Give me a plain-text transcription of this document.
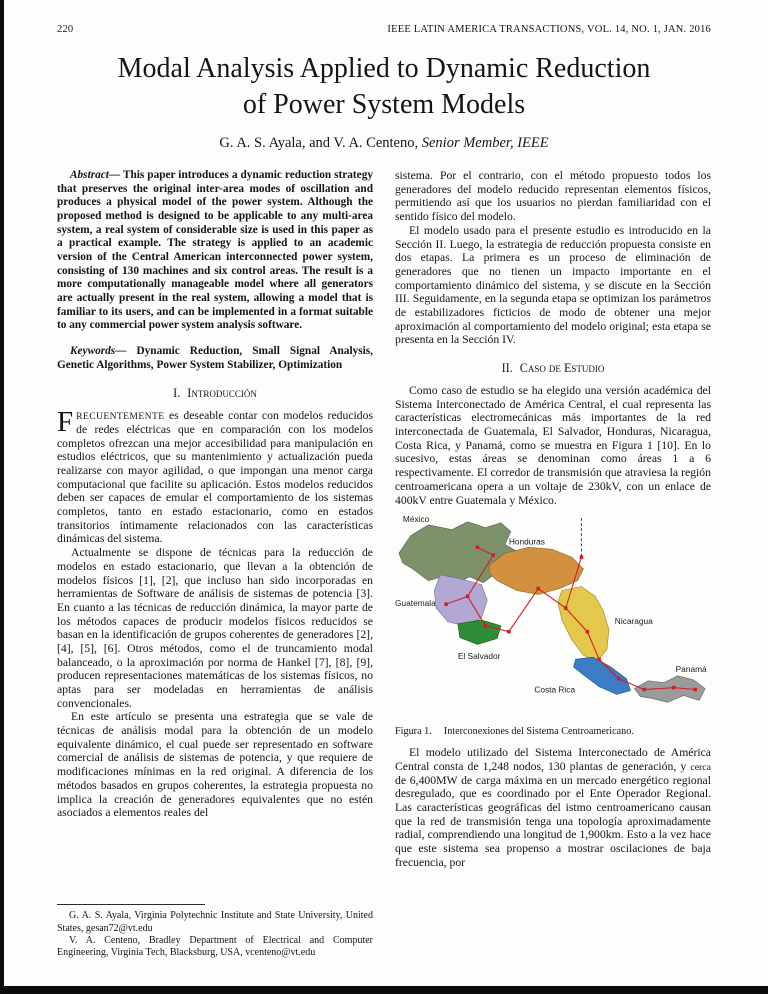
220	IEEE LATIN AMERICA TRANSACTIONS, VOL. 14, NO. 1, JAN. 2016
Modal Analysis Applied to Dynamic Reduction
of Power System Models
G. A. S. Ayala, and V. A. Centeno, Senior Member, IEEE

Abstract— This paper introduces a dynamic reduction strategy that preserves the original inter-area modes of oscillation and produces a physical model of the power system. Although the proposed method is designed to be applicable to any multi-area system, a real system of considerable size is used in this paper as a practical example. The strategy is applied to an academic version of the Central American interconnected power system, consisting of 130 machines and six control areas. The result is a more computationally manageable model where all generators are actually present in the real system, allowing a model that is familiar to its users, and can be implemented in a format suitable to any commercial power system analysis software.

Keywords— Dynamic Reduction, Small Signal Analysis, Genetic Algorithms, Power System Stabilizer, Optimization

I. Introducción

FRECUENTEMENTE es deseable contar con modelos reducidos de redes eléctricas que en comparación con los modelos completos ofrezcan una mejor accesibilidad para manipulación en estudios eléctricos, que su mantenimiento y actualización pueda realizarse con mayor agilidad, o que impongan una menor carga computacional que facilite su aplicación. Estos modelos reducidos deben ser capaces de emular el comportamiento de los sistemas completos, tanto en estado estacionario, como en estados transitorios íntimamente relacionados con las características dinámicas del sistema.

Actualmente se dispone de técnicas para la reducción de modelos en estado estacionario, que llevan a la obtención de modelos físicos [1], [2], que incluso han sido incorporadas en herramientas de Software de análisis de sistemas de potencia [3]. En cuanto a las técnicas de reducción dinámica, la mayor parte de los métodos capaces de producir modelos físicos reducidos se basan en la identificación de grupos coherentes de generadores [2], [4], [5], [6]. Otros métodos, como el de truncamiento modal balanceado, o la aproximación por norma de Hankel [7], [8], [9], producen representaciones matemáticas de los sistemas físicos, no aptas para ser modeladas en herramientas de análisis convencionales.

En este artículo se presenta una estrategia que se vale de técnicas de análisis modal para la obtención de un modelo equivalente dinámico, el cual puede ser representado en software comercial de análisis de sistemas de potencia, y que requiere de modificaciones mínimas en la red original. A diferencia de los métodos basados en grupos coherentes, la estrategia propuesta no implica la creación de generadores equivalentes que no estén asociados a elementos reales del

G. A. S. Ayala, Virginia Polytechnic Institute and State University, United States, gesan72@vt.edu

V. A. Centeno, Bradley Department of Electrical and Computer Engineering, Virginia Tech, Blacksburg, USA, vcenteno@vt.edu

sistema. Por el contrario, con el método propuesto todos los generadores del modelo reducido representan elementos físicos, permitiendo así que los usuarios no pierdan familiaridad con el sentido físico del modelo.

El modelo usado para el presente estudio es introducido en la Sección II. Luego, la estrategia de reducción propuesta consiste en dos etapas. La primera es un proceso de eliminación de generadores que no tienen un impacto importante en el comportamiento dinámico del sistema, y se discute en la Sección III. Seguidamente, en la segunda etapa se optimizan los parámetros de estabilizadores ficticios de modo de obtener una mejor aproximación al comportamiento del modelo original; esta etapa se presenta en la Sección IV.

II. Caso de Estudio

Como caso de estudio se ha elegido una versión académica del Sistema Interconectado de América Central, el cual representa las características electromecánicas más importantes de la red interconectada de Guatemala, El Salvador, Honduras, Nicaragua, Costa Rica, y Panamá, como se muestra en Figura 1 [10]. En lo sucesivo, estas áreas se denominan como áreas 1 a 6 respectivamente. El corredor de transmisión que atraviesa la región centroamericana opera a un voltaje de 230kV, con un enlace de 400kV entre Guatemala y México.

México
Honduras
Guatemala
Nicaragua
El Salvador
Costa Rica
Panamá
Figura 1. Interconexiones del Sistema Centroamericano.

El modelo utilizado del Sistema Interconectado de América Central consta de 1,248 nodos, 130 plantas de generación, y cerca de 6,400MW de carga máxima en un mercado energético regional desregulado, que es coordinado por el Ente Operador Regional. Las características geográficas del istmo centroamericano causan que la red de transmisión tenga una topología aproximadamente radial, comprendiendo una longitud de 1,900km. Esto a la vez hace que este sistema sea propenso a mostrar oscilaciones de baja frecuencia, por
